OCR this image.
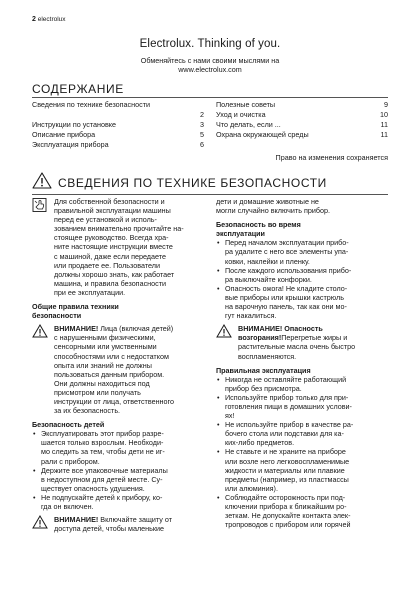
2 electrolux
Electrolux. Thinking of you.
Обменяйтесь с нами своими мыслями на
www.electrolux.com
СОДЕРЖАНИЕ
Сведения по технике безопасности
2
Инструкции по установке	3
Описание прибора	5
Эксплуатация прибора	6
Полезные советы	9
Уход и очистка	10
Что делать, если ...	11
Охрана окружающей среды	11
Право на изменения сохраняется
СВЕДЕНИЯ ПО ТЕХНИКЕ БЕЗОПАСНОСТИ
Для собственной безопасности и
правильной эксплуатации машины
перед ее установкой и исполь-
зованием внимательно прочитайте на-
стоящее руководство. Всегда хра-
ните настоящие инструкции вместе
с машиной, даже если передаете
или продаете ее. Пользователи
должны хорошо знать, как работает
машина, и правила безопасности
при ее эксплуатации.
Общие правила техники
безопасности
ВНИМАНИЕ! Лица (включая детей)
с нарушенными физическими,
сенсорными или умственными
способностями или с недостатком
опыта или знаний не должны
пользоваться данным прибором.
Они должны находиться под
присмотром или получать
инструкции от лица, ответственного
за их безопасность.
Безопасность детей
• Эксплуатировать этот прибор разре-
шается только взрослым. Необходи-
мо следить за тем, чтобы дети не иг-
рали с прибором.
• Держите все упаковочные материалы
в недоступном для детей месте. Су-
ществует опасность удушения.
• Не подпускайте детей к прибору, ко-
гда он включен.
ВНИМАНИЕ! Включайте защиту от
доступа детей, чтобы маленькие
дети и домашние животные не
могли случайно включить прибор.
Безопасность во время
эксплуатации
• Перед началом эксплуатации прибо-
ра удалите с него все элементы упа-
ковки, наклейки и пленку.
• После каждого использования прибо-
ра выключайте конфорки.
• Опасность ожога! Не кладите столо-
вые приборы или крышки кастрюль
на варочную панель, так как они мо-
гут накалиться.
ВНИМАНИЕ! Опасность
возгорания!Перегретые жиры и
растительные масла очень быстро
воспламеняются.
Правильная эксплуатация
• Никогда не оставляйте работающий
прибор без присмотра.
• Используйте прибор только для при-
готовления пищи в домашних услови-
ях!
• Не используйте прибор в качестве ра-
бочего стола или подставки для ка-
ких-либо предметов.
• Не ставьте и не храните на приборе
или возле него легковоспламенимые
жидкости и материалы или плавкие
предметы (например, из пластмассы
или алюминия).
• Соблюдайте осторожность при под-
ключении прибора к ближайшим ро-
зеткам. Не допускайте контакта элек-
тропроводов с прибором или горячей
